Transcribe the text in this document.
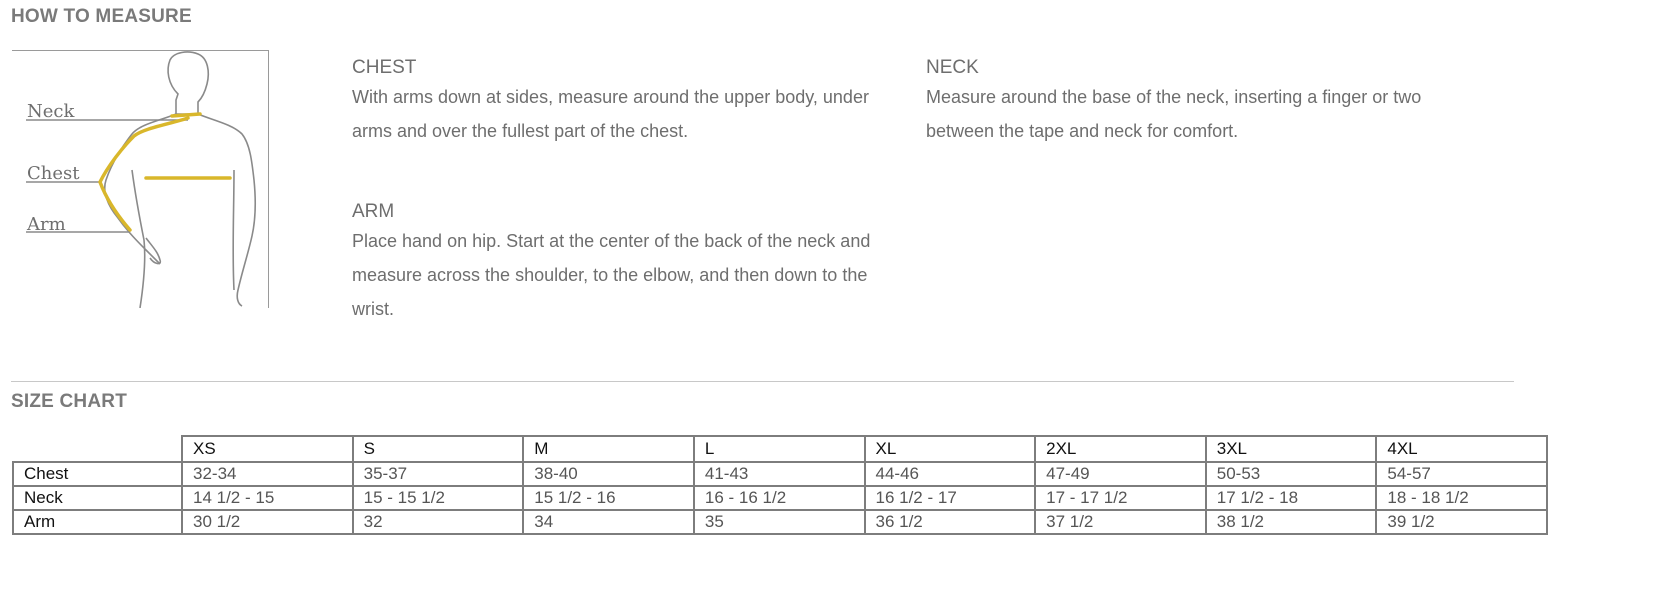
HOW TO MEASURE
Neck
Chest
Arm
CHEST

With arms down at sides, measure around the upper body, under arms and over the fullest part of the chest.

ARM

Place hand on hip. Start at the center of the back of the neck and measure across the shoulder, to the elbow, and then down to the wrist.

NECK

Measure around the base of the neck, inserting a finger or two between the tape and neck for comfort.

SIZE CHART
	XS	S	M	L	XL	2XL	3XL	4XL
Chest	32-34	35-37	38-40	41-43	44-46	47-49	50-53	54-57
Neck	14 1/2 - 15	15 - 15 1/2	15 1/2 - 16	16 - 16 1/2	16 1/2 - 17	17 - 17 1/2	17 1/2 - 18	18 - 18 1/2
Arm	30 1/2	32	34	35	36 1/2	37 1/2	38 1/2	39 1/2
